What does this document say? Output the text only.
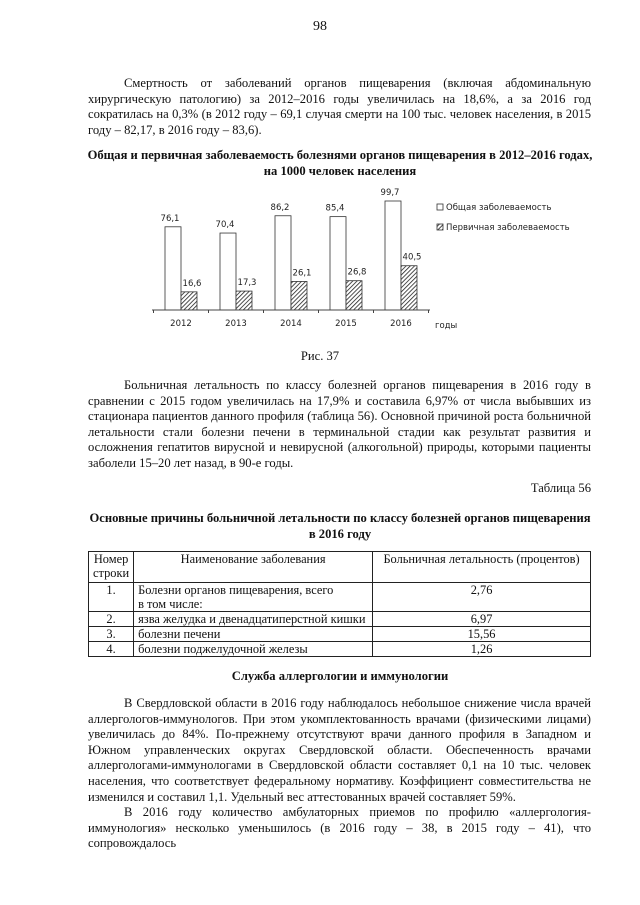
98

Смертность от заболеваний органов пищеварения (включая абдоминальную хирургическую патологию) за 2012–2016 годы увеличилась на 18,6%, а за 2016 год сократилась на 0,3% (в 2012 году – 69,1 случая смерти на 100 тыс. человек населения, в 2015 году – 82,17, в 2016 году – 83,6).

Общая и первичная заболеваемость болезнями органов пищеварения в 2012–2016 годах,
на 1000 человек населения
76,1
16,6
2012
70,4
17,3
2013
86,2
26,1
2014
85,4
26,8
2015
99,7
40,5
2016	годы
Общая заболеваемость
Первичная заболеваемость
Рис. 37

Больничная летальность по классу болезней органов пищеварения в 2016 году в сравнении с 2015 годом увеличилась на 17,9% и составила 6,97% от числа выбывших из стационара пациентов данного профиля (таблица 56). Основной причиной роста больничной летальности стали болезни печени в терминальной стадии как результат развития и осложнения гепатитов вирусной и невирусной (алкогольной) природы, которыми пациенты заболели 15–20 лет назад, в 90-е годы.

Таблица 56
Основные причины больничной летальности по классу болезней органов пищеварения
в 2016 году
Номер строки	Наименование заболевания	Больничная летальность (процентов)
1.	Болезни органов пищеварения, всего
в том числе:	2,76
2.	язва желудка и двенадцатиперстной кишки	6,97
3.	болезни печени	15,56
4.	болезни поджелудочной железы	1,26
Служба аллергологии и иммунологии

В Свердловской области в 2016 году наблюдалось небольшое снижение числа врачей аллергологов-иммунологов. При этом укомплектованность врачами (физическими лицами) увеличилась до 84%. По-прежнему отсутствуют врачи данного профиля в Западном и Южном управленческих округах Свердловской области. Обеспеченность врачами аллергологами-иммунологами в Свердловской области составляет 0,1 на 10 тыс. человек населения, что соответствует федеральному нормативу. Коэффициент совместительства не изменился и составил 1,1. Удельный вес аттестованных врачей составляет 59%.

В 2016 году количество амбулаторных приемов по профилю «аллергология-иммунология» несколько уменьшилось (в 2016 году – 38, в 2015 году – 41), что сопровождалось
